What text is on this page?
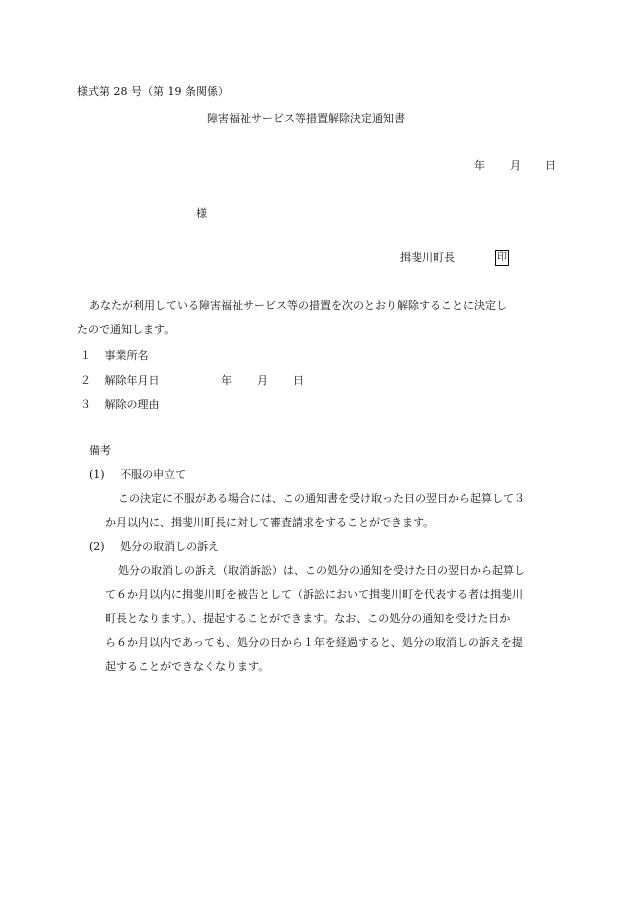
様式第 28 号（第 19 条関係）
障害福祉サービス等措置解除決定通知書
年 月 日
様
揖斐川町長	印
あなたが利用している障害福祉サービス等の措置を次のとおり解除することに決定し
たので通知します。
１ 事業所名
２ 解除年月日	年 月 日
３ 解除の理由
備考
(1) 不服の申立て
この決定に不服がある場合には、この通知書を受け取った日の翌日から起算して３
か月以内に、揖斐川町長に対して審査請求をすることができます。
(2) 処分の取消しの訴え
処分の取消しの訴え（取消訴訟）は、この処分の通知を受けた日の翌日から起算し
て６か月以内に揖斐川町を被告として（訴訟において揖斐川町を代表する者は揖斐川
町長となります。）、提起することができます。なお、この処分の通知を受けた日か
ら６か月以内であっても、処分の日から１年を経過すると、処分の取消しの訴えを提
起することができなくなります。
